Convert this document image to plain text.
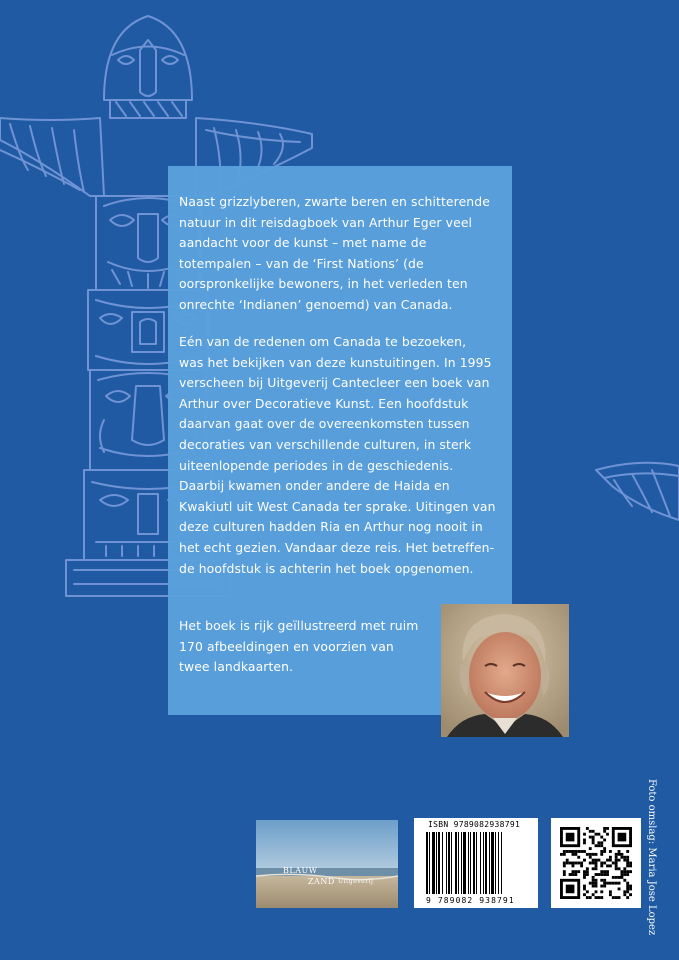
Naast grizzlyberen, zwarte beren en schitterende
natuur in dit reisdagboek van Arthur Eger veel
aandacht voor de kunst – met name de
totempalen – van de ‘First Nations’ (de
oorspronkelijke bewoners, in het verleden ten
onrechte ‘Indianen’ genoemd) van Canada.

Eén van de redenen om Canada te bezoeken,
was het bekijken van deze kunstuitingen. In 1995
verscheen bij Uitgeverij Cantecleer een boek van
Arthur over Decoratieve Kunst. Een hoofdstuk
daarvan gaat over de overeenkomsten tussen
decoraties van verschillende culturen, in sterk
uiteenlopende periodes in de geschiedenis.
Daarbij kwamen onder andere de Haida en
Kwakiutl uit West Canada ter sprake. Uitingen van
deze culturen hadden Ria en Arthur nog nooit in
het echt gezien. Vandaar deze reis. Het betreffen-
de hoofdstuk is achterin het boek opgenomen.

Het boek is rijk geïllustreerd met ruim
170 afbeeldingen en voorzien van
twee landkaarten.

Foto omslag: Maria Jose Lopez
BLAUW
ZAND Uitgeverij
ISBN 9789082938791
9 789082 938791
